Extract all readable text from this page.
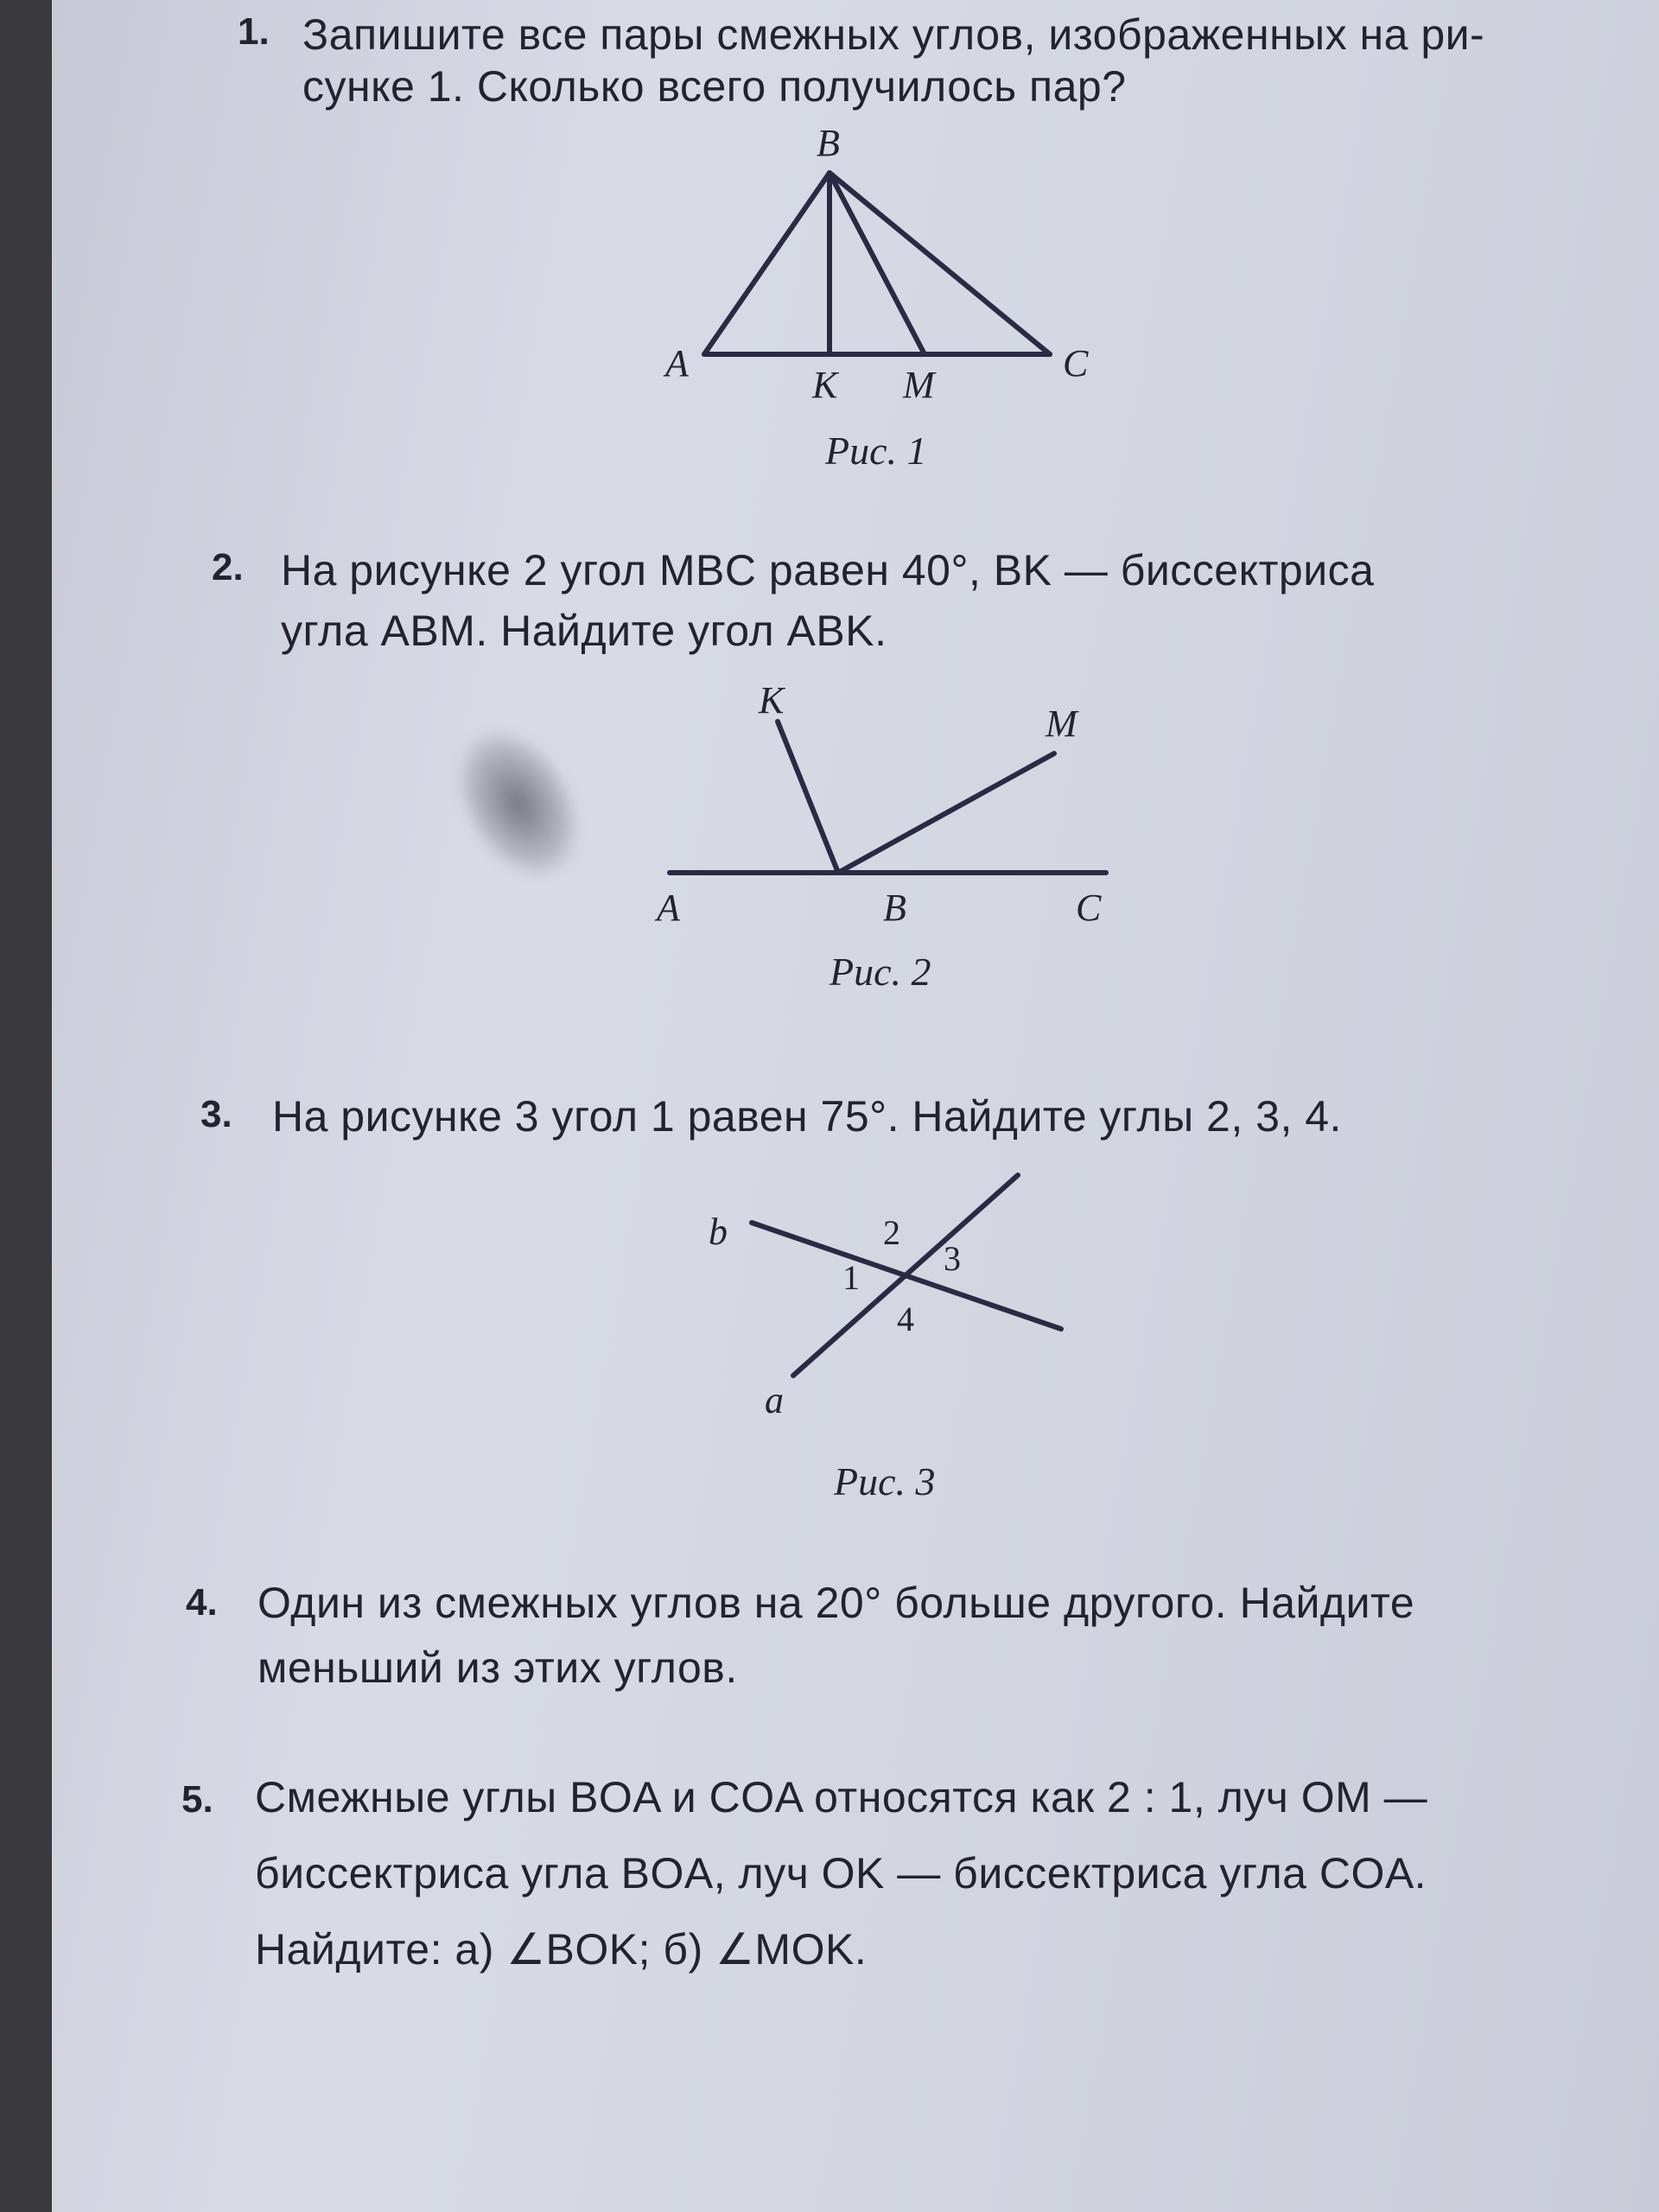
1. Запишите все пары смежных углов, изображенных на ри-
сунке 1. Сколько всего получилось пар?
B
A	C
K M
Рис. 1
2. На рисунке 2 угол MBC равен 40°, BK — биссектриса
угла ABM. Найдите угол ABK.
K
M
A	B	C
Рис. 2
3. На рисунке 3 угол 1 равен 75°. Найдите углы 2, 3, 4.
b
a
1
2
3
4
Рис. 3
4. Один из смежных углов на 20° больше другого. Найдите
меньший из этих углов.
5. Смежные углы BOA и COA относятся как 2 : 1, луч OM —
биссектриса угла BOA, луч OK — биссектриса угла COA.
Найдите: а) ∠BOK; б) ∠MOK.
